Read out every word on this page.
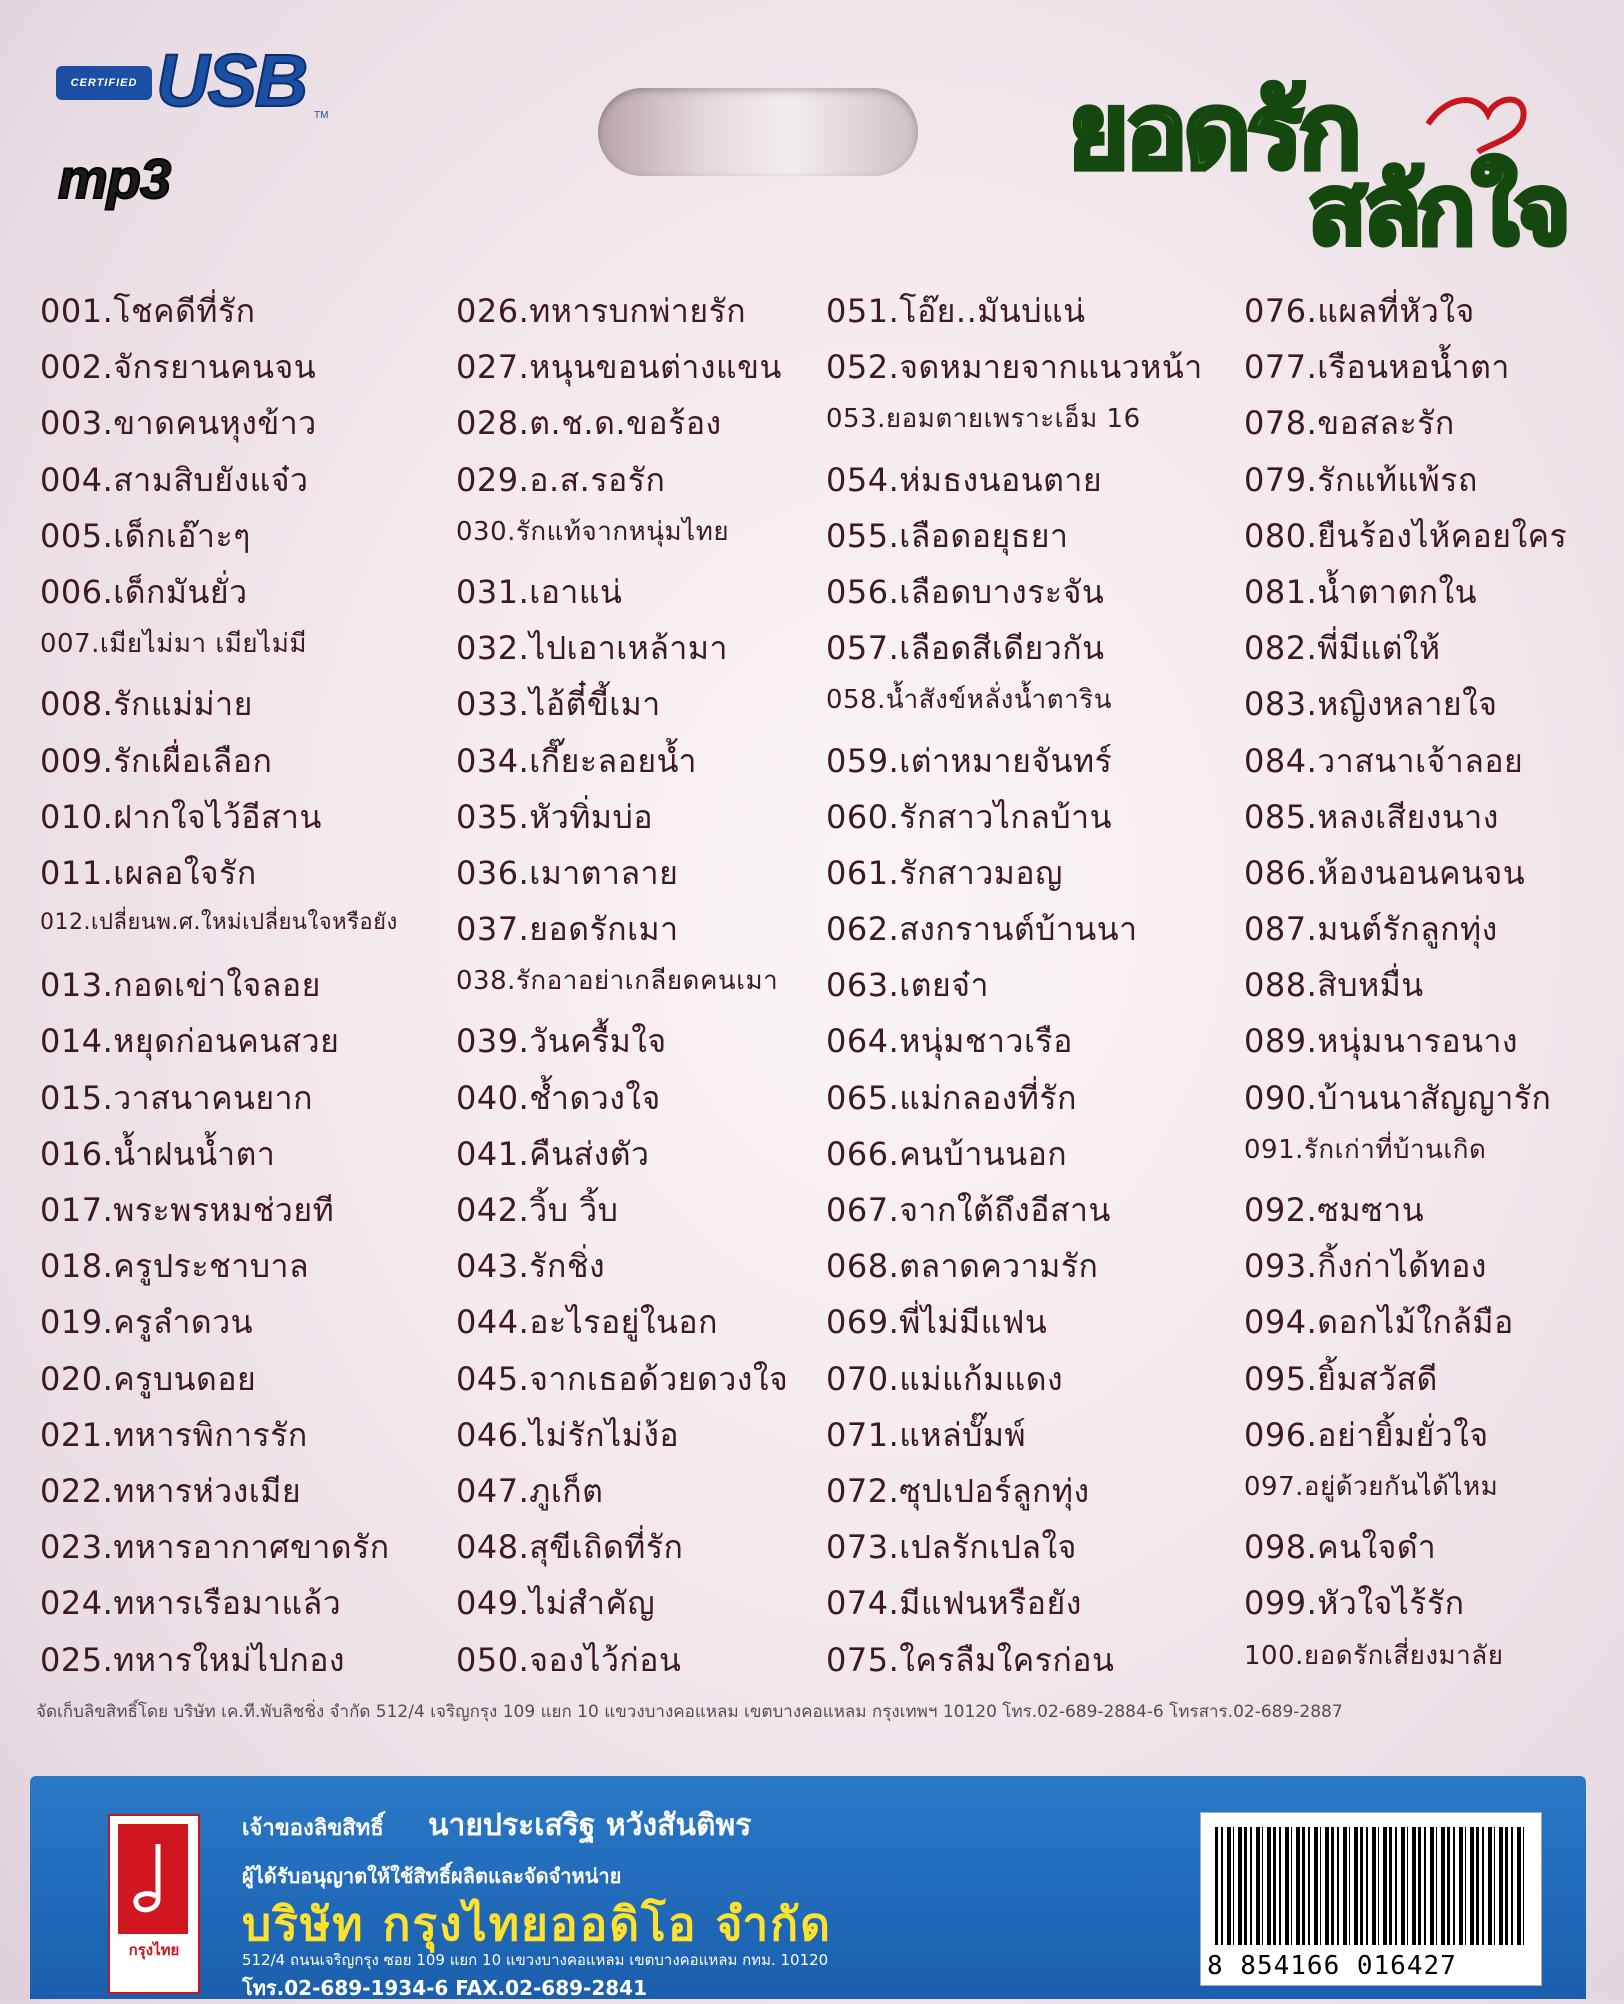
CERTIFIED USB TM
mp3	ยอดรัก
สลักใจ
001.โชคดีที่รัก
002.จักรยานคนจน
003.ขาดคนหุงข้าว
004.สามสิบยังแจ๋ว
005.เด็กเอ๊าะๆ
006.เด็กมันยั่ว
007.เมียไม่มา เมียไม่มี
008.รักแม่ม่าย
009.รักเผื่อเลือก
010.ฝากใจไว้อีสาน
011.เผลอใจรัก
012.เปลี่ยนพ.ศ.ใหม่เปลี่ยนใจหรือยัง
013.กอดเข่าใจลอย
014.หยุดก่อนคนสวย
015.วาสนาคนยาก
016.น้ำฝนน้ำตา
017.พระพรหมช่วยที
018.ครูประชาบาล
019.ครูลำดวน
020.ครูบนดอย
021.ทหารพิการรัก
022.ทหารห่วงเมีย
023.ทหารอากาศขาดรัก
024.ทหารเรือมาแล้ว
025.ทหารใหม่ไปกอง
026.ทหารบกพ่ายรัก
027.หนุนขอนต่างแขน
028.ต.ช.ด.ขอร้อง
029.อ.ส.รอรัก
030.รักแท้จากหนุ่มไทย
031.เอาแน่
032.ไปเอาเหล้ามา
033.ไอ้ตี๋ขี้เมา
034.เกี๊ยะลอยน้ำ
035.หัวทิ่มบ่อ
036.เมาตาลาย
037.ยอดรักเมา
038.รักอาอย่าเกลียดคนเมา
039.วันครื้มใจ
040.ช้ำดวงใจ
041.คืนส่งตัว
042.วิ้บ วิ้บ
043.รักชิ่ง
044.อะไรอยู่ในอก
045.จากเธอด้วยดวงใจ
046.ไม่รักไม่ง้อ
047.ภูเก็ต
048.สุขีเถิดที่รัก
049.ไม่สำคัญ
050.จองไว้ก่อน
051.โอ๊ย..มันบ่แน่
052.จดหมายจากแนวหน้า
053.ยอมตายเพราะเอ็ม 16
054.ห่มธงนอนตาย
055.เลือดอยุธยา
056.เลือดบางระจัน
057.เลือดสีเดียวกัน
058.น้ำสังข์หลั่งน้ำตาริน
059.เต่าหมายจันทร์
060.รักสาวไกลบ้าน
061.รักสาวมอญ
062.สงกรานต์บ้านนา
063.เตยจ๋า
064.หนุ่มชาวเรือ
065.แม่กลองที่รัก
066.คนบ้านนอก
067.จากใต้ถึงอีสาน
068.ตลาดความรัก
069.พี่ไม่มีแฟน
070.แม่แก้มแดง
071.แหล่บั๊มพ์
072.ซุปเปอร์ลูกทุ่ง
073.เปลรักเปลใจ
074.มีแฟนหรือยัง
075.ใครลืมใครก่อน
076.แผลที่หัวใจ
077.เรือนหอน้ำตา
078.ขอสละรัก
079.รักแท้แพ้รถ
080.ยืนร้องไห้คอยใคร
081.น้ำตาตกใน
082.พี่มีแต่ให้
083.หญิงหลายใจ
084.วาสนาเจ้าลอย
085.หลงเสียงนาง
086.ห้องนอนคนจน
087.มนต์รักลูกทุ่ง
088.สิบหมื่น
089.หนุ่มนารอนาง
090.บ้านนาสัญญารัก
091.รักเก่าที่บ้านเกิด
092.ซมซาน
093.กิ้งก่าได้ทอง
094.ดอกไม้ใกล้มือ
095.ยิ้มสวัสดี
096.อย่ายิ้มยั่วใจ
097.อยู่ด้วยกันได้ไหม
098.คนใจดำ
099.หัวใจไร้รัก
100.ยอดรักเสี่ยงมาลัย
จัดเก็บลิขสิทธิ์โดย บริษัท เค.ที.พับลิชชิ่ง จำกัด 512/4 เจริญกรุง 109 แยก 10 แขวงบางคอแหลม เขตบางคอแหลม กรุงเทพฯ 10120 โทร.02-689-2884-6 โทรสาร.02-689-2887
กรุงไทย
เจ้าของลิขสิทธิ์ นายประเสริฐ หวังสันติพร
ผู้ได้รับอนุญาตให้ใช้สิทธิ์ผลิตและจัดจำหน่าย
บริษัท กรุงไทยออดิโอ จำกัด
512/4 ถนนเจริญกรุง ซอย 109 แยก 10 แขวงบางคอแหลม เขตบางคอแหลม กทม. 10120
โทร.02-689-1934-6 FAX.02-689-2841
8 854166 016427
